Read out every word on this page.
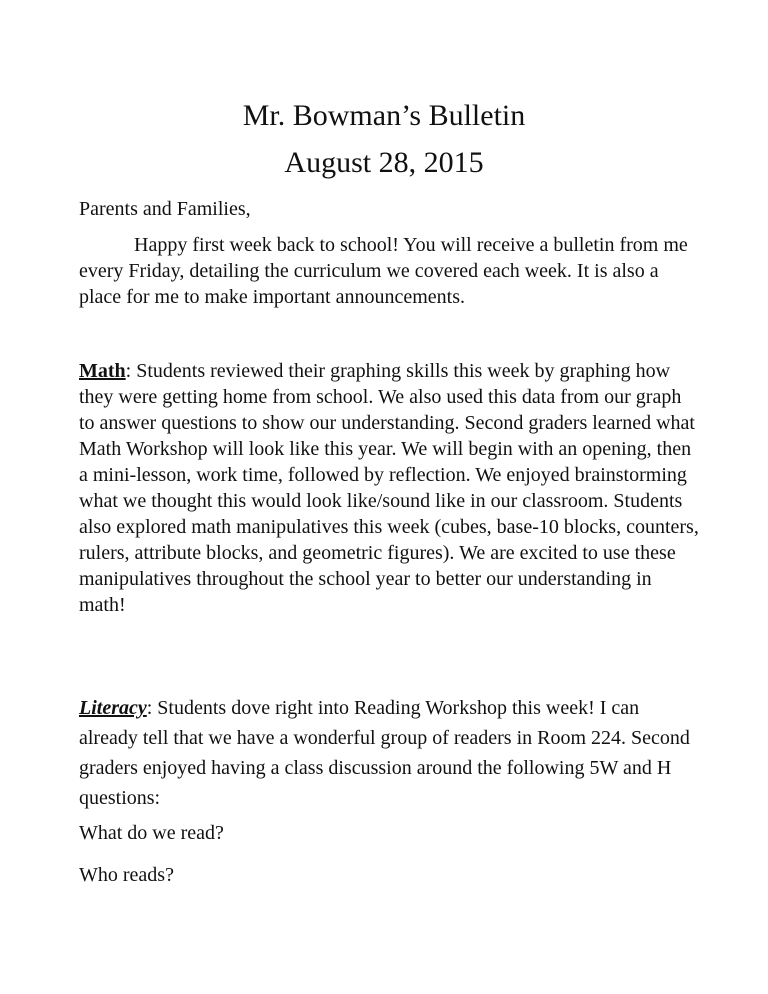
Mr. Bowman’s Bulletin
August 28, 2015

Parents and Families,

Happy first week back to school! You will receive a bulletin from me every Friday, detailing the curriculum we covered each week. It is also a place for me to make important announcements.

Math: Students reviewed their graphing skills this week by graphing how they were getting home from school. We also used this data from our graph to answer questions to show our understanding. Second graders learned what Math Workshop will look like this year. We will begin with an opening, then a mini-lesson, work time, followed by reflection. We enjoyed brainstorming what we thought this would look like/sound like in our classroom. Students also explored math manipulatives this week (cubes, base-10 blocks, counters, rulers, attribute blocks, and geometric figures). We are excited to use these manipulatives throughout the school year to better our understanding in math!

Literacy: Students dove right into Reading Workshop this week! I can already tell that we have a wonderful group of readers in Room 224. Second graders enjoyed having a class discussion around the following 5W and H questions:

What do we read?

Who reads?
